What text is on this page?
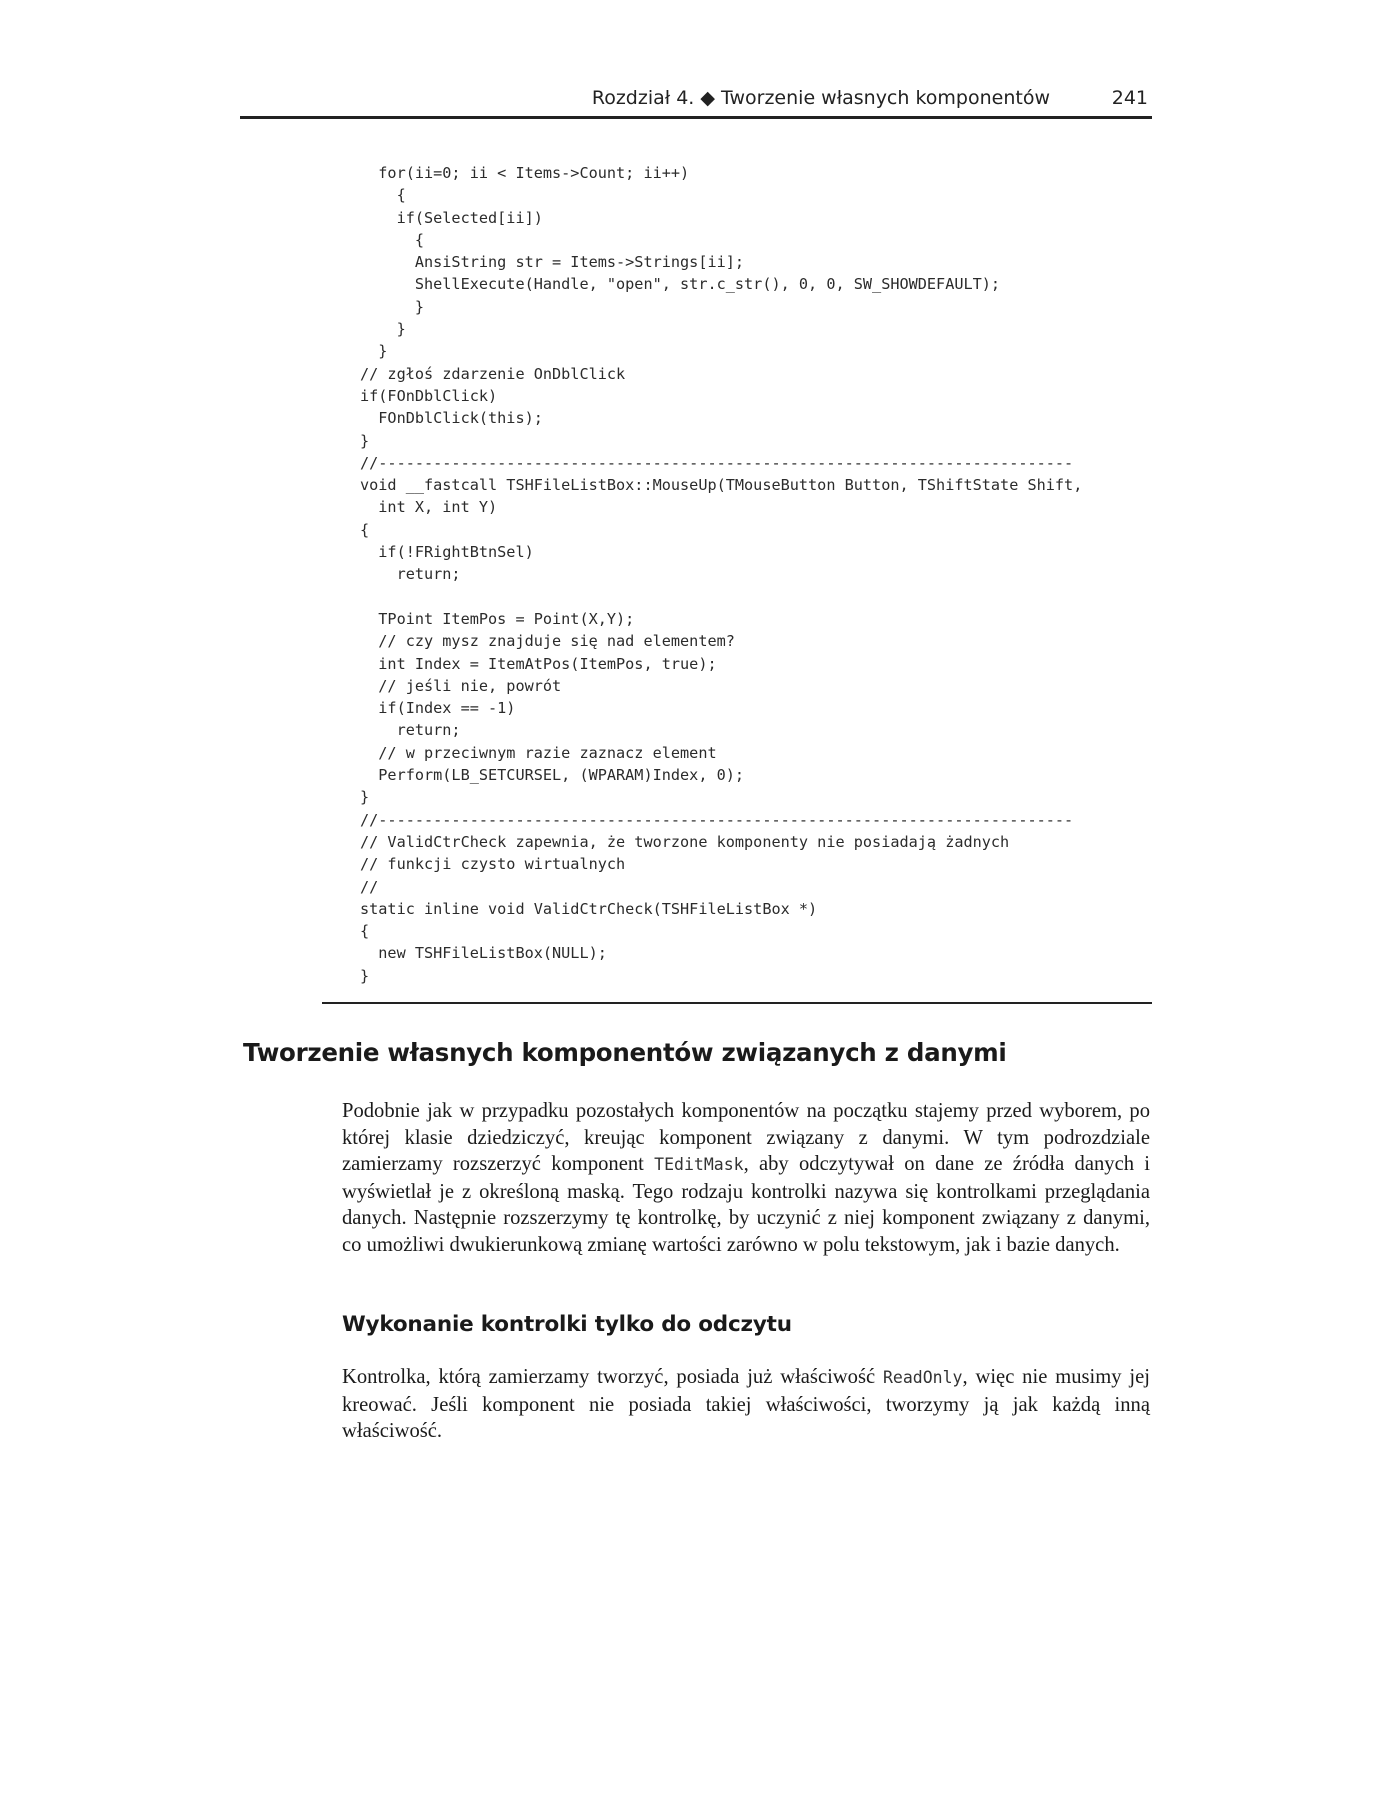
Rozdział 4. ◆ Tworzenie własnych komponentów	241
for(ii=0; ii < Items->Count; ii++)
{
if(Selected[ii])
{
AnsiString str = Items->Strings[ii];
ShellExecute(Handle, "open", str.c_str(), 0, 0, SW_SHOWDEFAULT);
}
}
}
// zgłoś zdarzenie OnDblClick
if(FOnDblClick)
FOnDblClick(this);
}
//----------------------------------------------------------------------------
void __fastcall TSHFileListBox::MouseUp(TMouseButton Button, TShiftState Shift,
int X, int Y)
{
if(!FRightBtnSel)
return;

TPoint ItemPos = Point(X,Y);
// czy mysz znajduje się nad elementem?
int Index = ItemAtPos(ItemPos, true);
// jeśli nie, powrót
if(Index == -1)
return;
// w przeciwnym razie zaznacz element
Perform(LB_SETCURSEL, (WPARAM)Index, 0);
}
//----------------------------------------------------------------------------
// ValidCtrCheck zapewnia, że tworzone komponenty nie posiadają żadnych
// funkcji czysto wirtualnych
//
static inline void ValidCtrCheck(TSHFileListBox *)
{
new TSHFileListBox(NULL);
}
Tworzenie własnych komponentów związanych z danymi

Podobnie jak w przypadku pozostałych komponentów na początku stajemy przed wyborem, po której klasie dziedziczyć, kreując komponent związany z danymi. W tym podrozdziale zamierzamy rozszerzyć komponent TEditMask, aby odczytywał on dane ze źródła danych i wyświetlał je z określoną maską. Tego rodzaju kontrolki nazywa się kontrolkami przeglądania danych. Następnie rozszerzymy tę kontrolkę, by uczynić z niej komponent związany z danymi, co umożliwi dwukierunkową zmianę wartości zarówno w polu tekstowym, jak i bazie danych.

Wykonanie kontrolki tylko do odczytu

Kontrolka, którą zamierzamy tworzyć, posiada już właściwość ReadOnly, więc nie musimy jej kreować. Jeśli komponent nie posiada takiej właściwości, tworzymy ją jak każdą inną właściwość.
